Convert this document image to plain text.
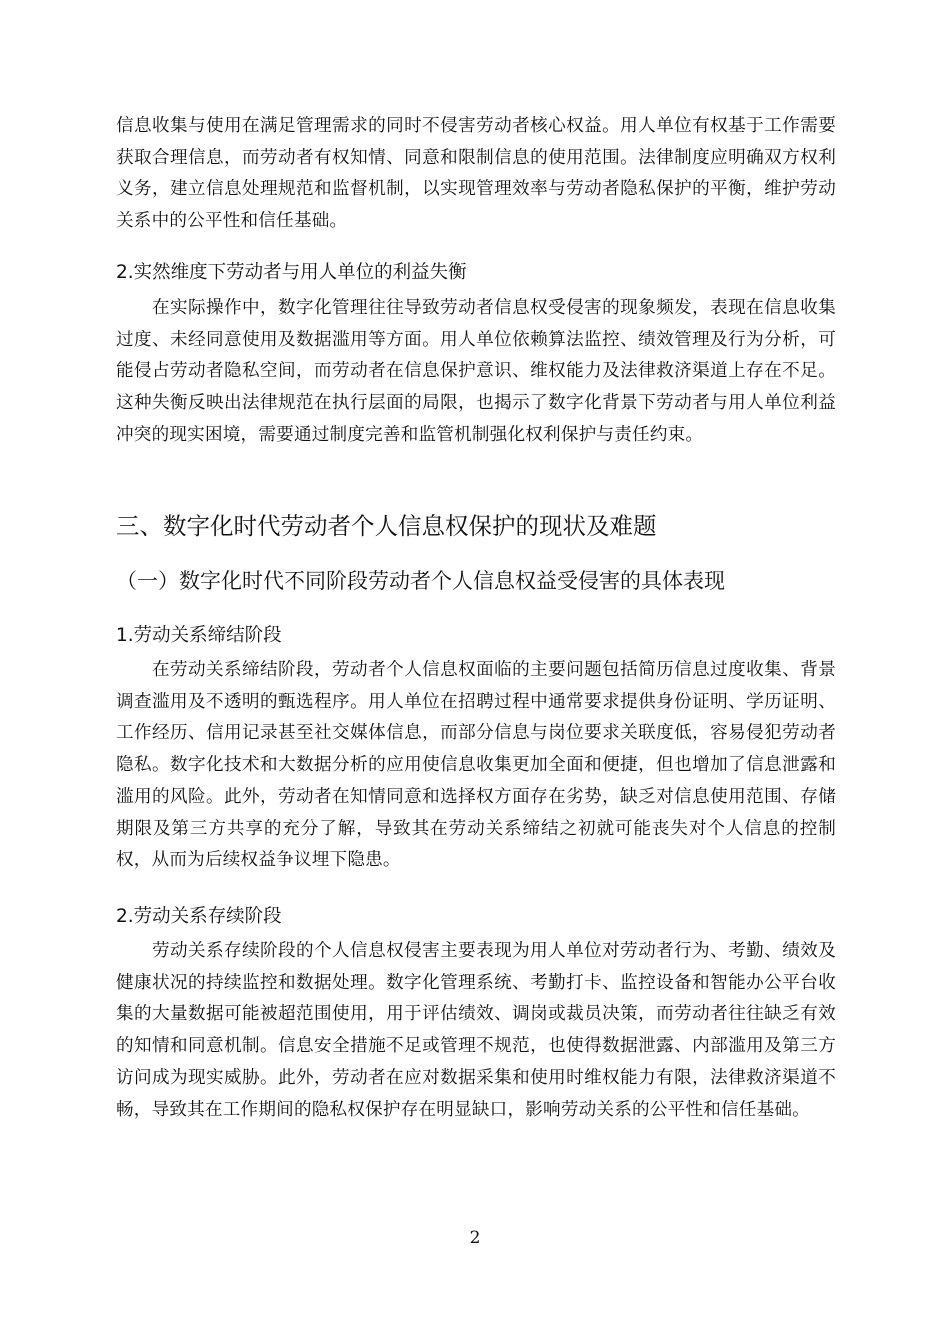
信息收集与使用在满足管理需求的同时不侵害劳动者核心权益。用人单位有权基于工作需要获取合理信息，而劳动者有权知情、同意和限制信息的使用范围。法律制度应明确双方权利义务，建立信息处理规范和监督机制，以实现管理效率与劳动者隐私保护的平衡，维护劳动关系中的公平性和信任基础。

2.实然维度下劳动者与用人单位的利益失衡

在实际操作中，数字化管理往往导致劳动者信息权受侵害的现象频发，表现在信息收集过度、未经同意使用及数据滥用等方面。用人单位依赖算法监控、绩效管理及行为分析，可能侵占劳动者隐私空间，而劳动者在信息保护意识、维权能力及法律救济渠道上存在不足。这种失衡反映出法律规范在执行层面的局限，也揭示了数字化背景下劳动者与用人单位利益冲突的现实困境，需要通过制度完善和监管机制强化权利保护与责任约束。

三、数字化时代劳动者个人信息权保护的现状及难题
（一）数字化时代不同阶段劳动者个人信息权益受侵害的具体表现
1.劳动关系缔结阶段

在劳动关系缔结阶段，劳动者个人信息权面临的主要问题包括简历信息过度收集、背景调查滥用及不透明的甄选程序。用人单位在招聘过程中通常要求提供身份证明、学历证明、工作经历、信用记录甚至社交媒体信息，而部分信息与岗位要求关联度低，容易侵犯劳动者隐私。数字化技术和大数据分析的应用使信息收集更加全面和便捷，但也增加了信息泄露和滥用的风险。此外，劳动者在知情同意和选择权方面存在劣势，缺乏对信息使用范围、存储期限及第三方共享的充分了解，导致其在劳动关系缔结之初就可能丧失对个人信息的控制权，从而为后续权益争议埋下隐患。

2.劳动关系存续阶段

劳动关系存续阶段的个人信息权侵害主要表现为用人单位对劳动者行为、考勤、绩效及健康状况的持续监控和数据处理。数字化管理系统、考勤打卡、监控设备和智能办公平台收集的大量数据可能被超范围使用，用于评估绩效、调岗或裁员决策，而劳动者往往缺乏有效的知情和同意机制。信息安全措施不足或管理不规范，也使得数据泄露、内部滥用及第三方访问成为现实威胁。此外，劳动者在应对数据采集和使用时维权能力有限，法律救济渠道不畅，导致其在工作期间的隐私权保护存在明显缺口，影响劳动关系的公平性和信任基础。

2
